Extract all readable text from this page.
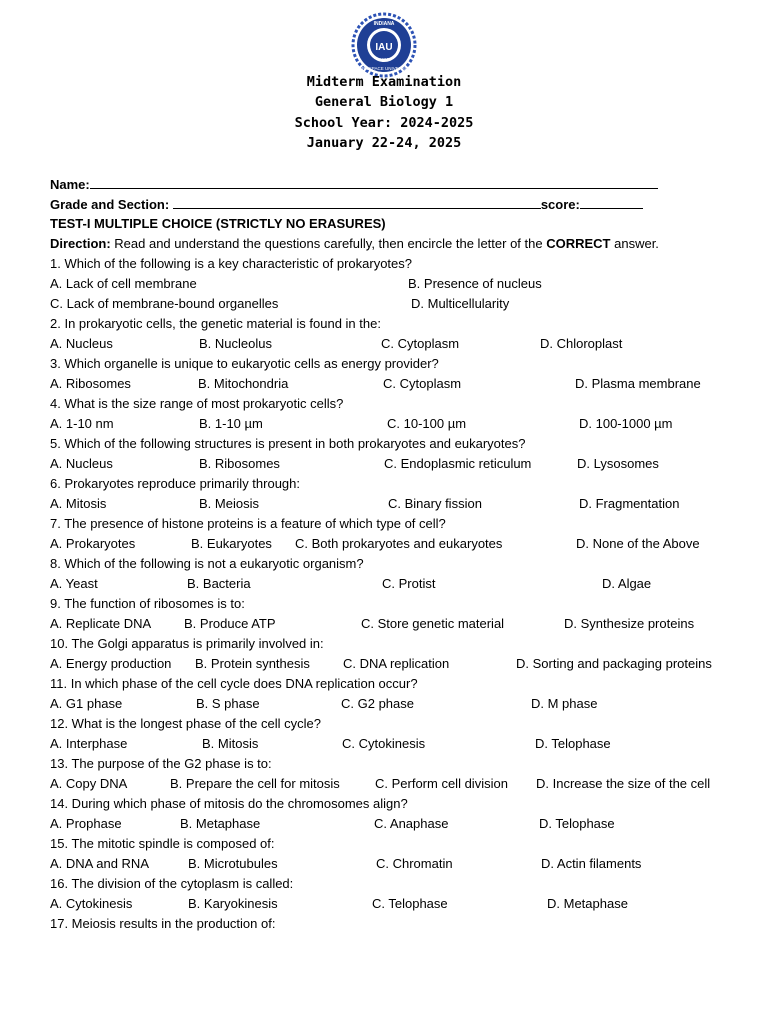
IAU
INDIANA
AEROSPACE UNIVERSITY
1992
Midterm Examination
General Biology 1
School Year: 2024-2025
January 22-24, 2025
Name:
Grade and Section:	score:
TEST-I MULTIPLE CHOICE (STRICTLY NO ERASURES)
Direction: Read and understand the questions carefully, then encircle the letter of the CORRECT answer.
1. Which of the following is a key characteristic of prokaryotes?
A. Lack of cell membrane	B. Presence of nucleus
C. Lack of membrane-bound organelles	D. Multicellularity
2. In prokaryotic cells, the genetic material is found in the:
A. Nucleus	B. Nucleolus	C. Cytoplasm	D. Chloroplast
3. Which organelle is unique to eukaryotic cells as energy provider?
A. Ribosomes	B. Mitochondria	C. Cytoplasm	D. Plasma membrane
4. What is the size range of most prokaryotic cells?
A. 1-10 nm	B. 1-10 µm	C. 10-100 µm	D. 100-1000 µm
5. Which of the following structures is present in both prokaryotes and eukaryotes?
A. Nucleus	B. Ribosomes	C. Endoplasmic reticulum	D. Lysosomes
6. Prokaryotes reproduce primarily through:
A. Mitosis	B. Meiosis	C. Binary fission	D. Fragmentation
7. The presence of histone proteins is a feature of which type of cell?
A. Prokaryotes	B. Eukaryotes C. Both prokaryotes and eukaryotes	D. None of the Above
8. Which of the following is not a eukaryotic organism?
A. Yeast	B. Bacteria	C. Protist	D. Algae
9. The function of ribosomes is to:
A. Replicate DNA	B. Produce ATP	C. Store genetic material	D. Synthesize proteins
10. The Golgi apparatus is primarily involved in:
A. Energy production B. Protein synthesis	C. DNA replication	D. Sorting and packaging proteins
11. In which phase of the cell cycle does DNA replication occur?
A. G1 phase	B. S phase	C. G2 phase	D. M phase
12. What is the longest phase of the cell cycle?
A. Interphase	B. Mitosis	C. Cytokinesis	D. Telophase
13. The purpose of the G2 phase is to:
A. Copy DNA	B. Prepare the cell for mitosis	C. Perform cell division D. Increase the size of the cell
14. During which phase of mitosis do the chromosomes align?
A. Prophase	B. Metaphase	C. Anaphase	D. Telophase
15. The mitotic spindle is composed of:
A. DNA and RNA	B. Microtubules	C. Chromatin	D. Actin filaments
16. The division of the cytoplasm is called:
A. Cytokinesis	B. Karyokinesis	C. Telophase	D. Metaphase
17. Meiosis results in the production of:
